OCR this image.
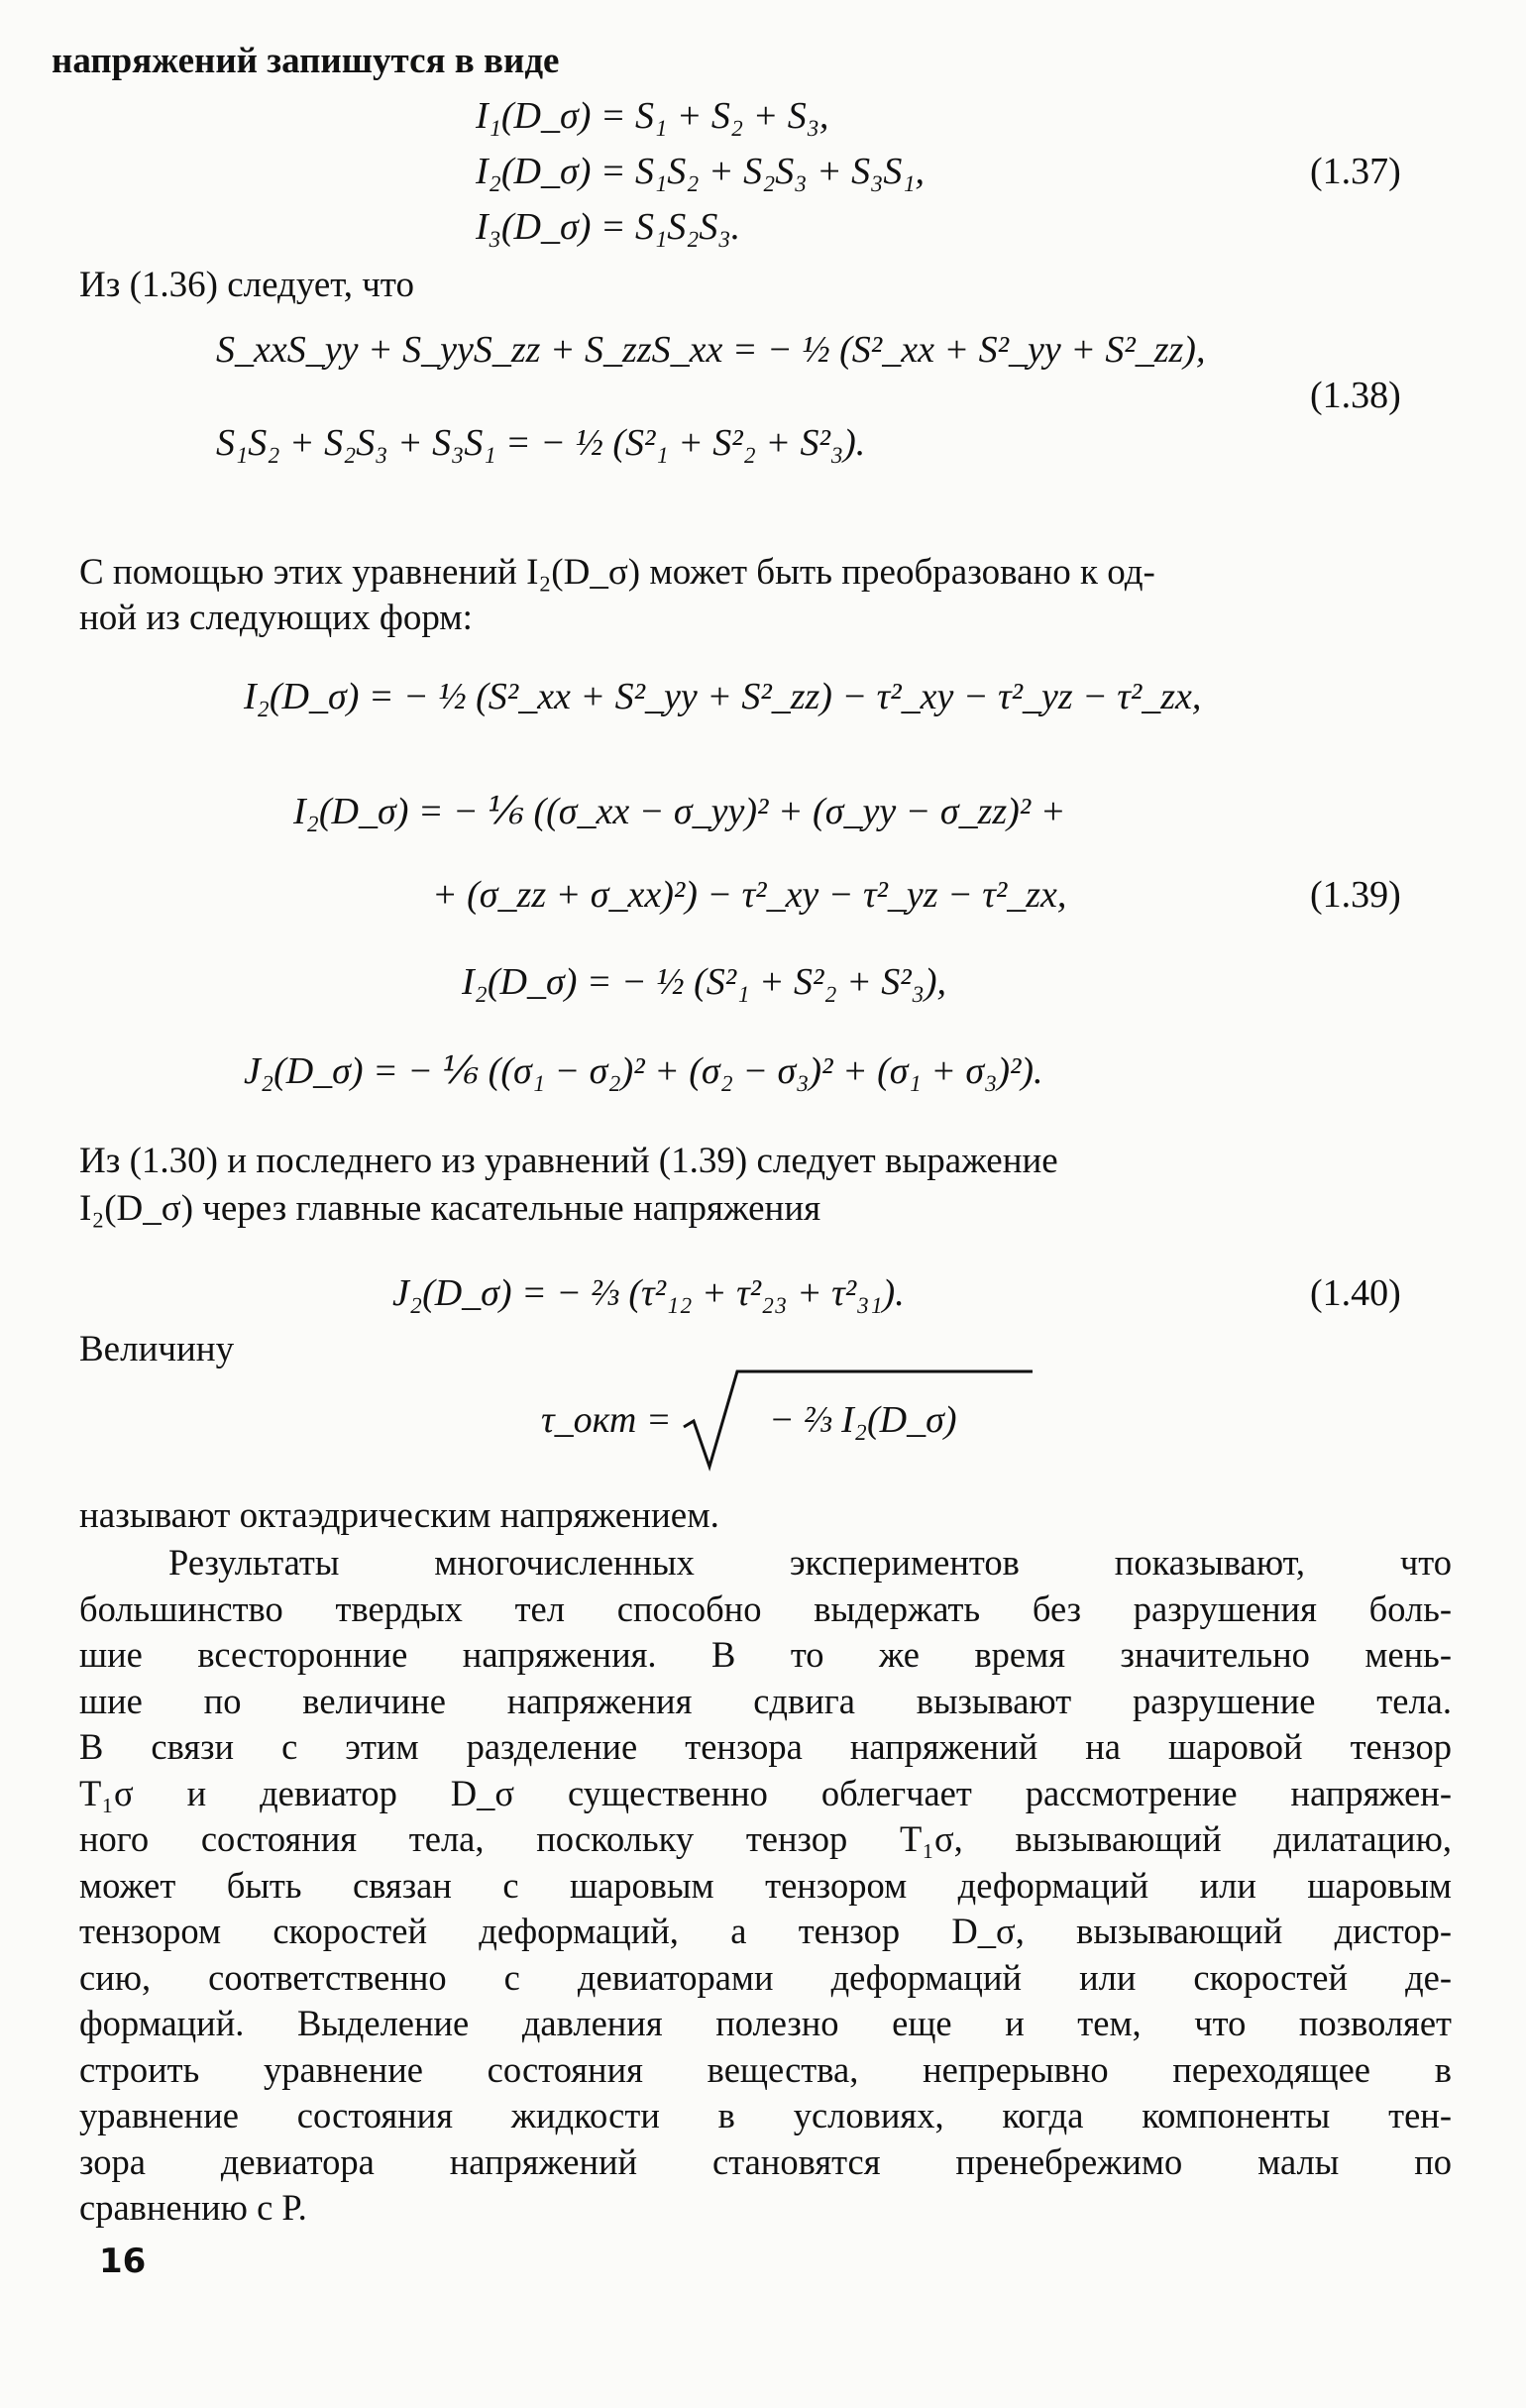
напряжений запишутся в виде
I₁(D_σ) = S₁ + S₂ + S₃,
I₂(D_σ) = S₁S₂ + S₂S₃ + S₃S₁,
I₃(D_σ) = S₁S₂S₃.
(1.37)
Из (1.36) следует, что
S_xxS_yy + S_yyS_zz + S_zzS_xx = − ½ (S²_xx + S²_yy + S²_zz),
S₁S₂ + S₂S₃ + S₃S₁ = − ½ (S²₁ + S²₂ + S²₃).
(1.38)
С помощью этих уравнений I₂(D_σ) может быть преобразовано к од-
ной из следующих форм:
I₂(D_σ) = − ½ (S²_xx + S²_yy + S²_zz) − τ²_xy − τ²_yz − τ²_zx,
I₂(D_σ) = − ⅙ ((σ_xx − σ_yy)² + (σ_yy − σ_zz)² +
+ (σ_zz + σ_xx)²) − τ²_xy − τ²_yz − τ²_zx,
I₂(D_σ) = − ½ (S²₁ + S²₂ + S²₃),
J₂(D_σ) = − ⅙ ((σ₁ − σ₂)² + (σ₂ − σ₃)² + (σ₁ + σ₃)²).
(1.39)
Из (1.30) и последнего из уравнений (1.39) следует выражение
I₂(D_σ) через главные касательные напряжения
J₂(D_σ) = − ⅔ (τ²₁₂ + τ²₂₃ + τ²₃₁).	(1.40)
Величину
τ_окт =	− ⅔ I₂(D_σ)
называют октаэдрическим напряжением.
Результаты многочисленных экспериментов показывают, что
большинство твердых тел способно выдержать без разрушения боль-
шие всесторонние напряжения. В то же время значительно мень-
шие по величине напряжения сдвига вызывают разрушение тела.
В связи с этим разделение тензора напряжений на шаровой тензор
T₁σ и девиатор D_σ существенно облегчает рассмотрение напряжен-
ного состояния тела, поскольку тензор T₁σ, вызывающий дилатацию,
может быть связан с шаровым тензором деформаций или шаровым
тензором скоростей деформаций, а тензор D_σ, вызывающий дистор-
сию, соответственно с девиаторами деформаций или скоростей де-
формаций. Выделение давления полезно еще и тем, что позволяет
строить уравнение состояния вещества, непрерывно переходящее в
уравнение состояния жидкости в условиях, когда компоненты тен-
зора девиатора напряжений становятся пренебрежимо малы по
сравнению с P.
16
